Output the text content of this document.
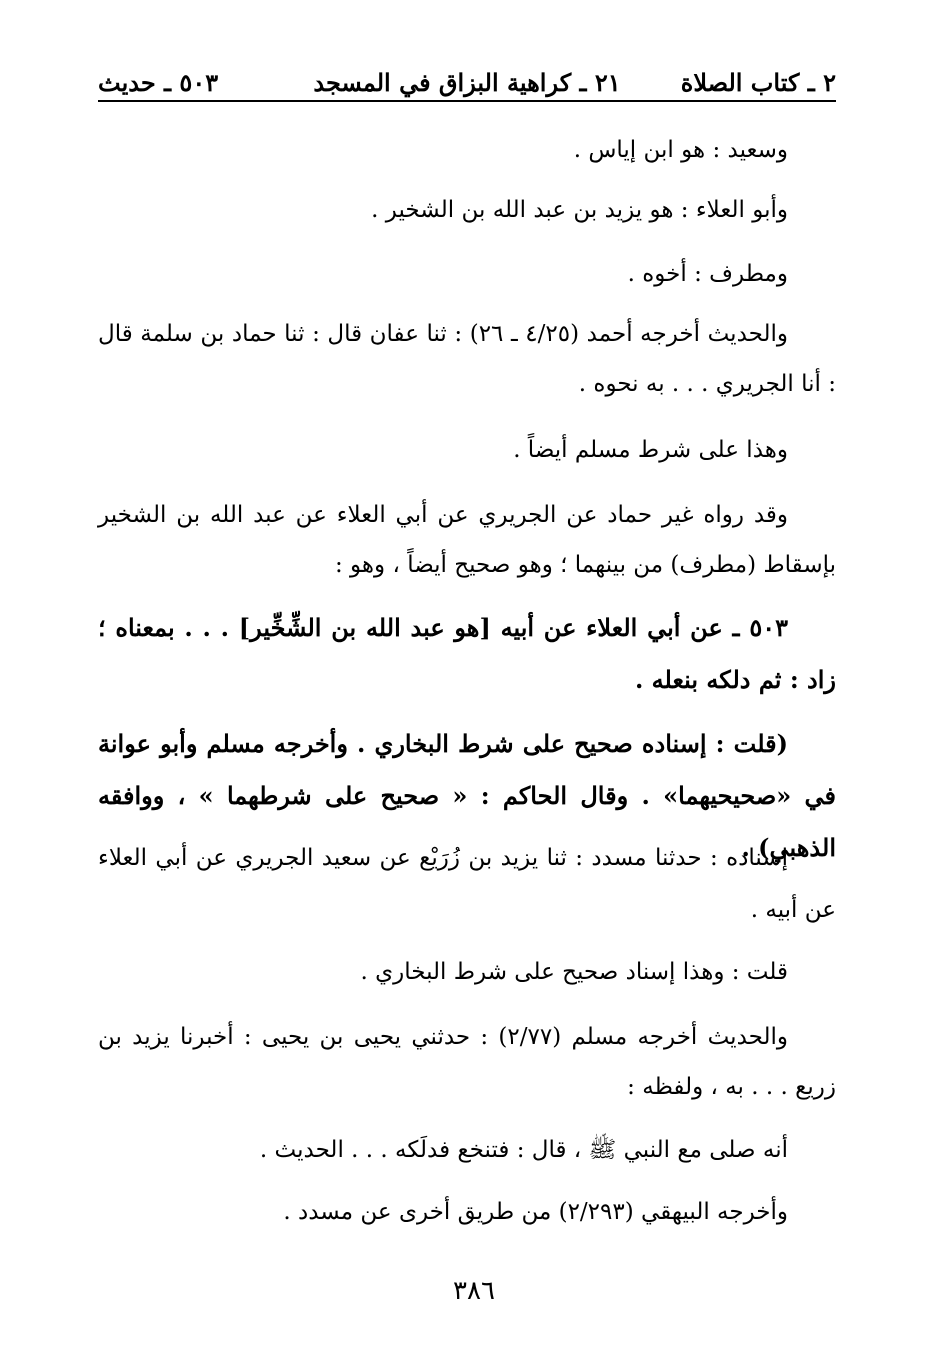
٢ ـ كتاب الصلاة
٢١ ـ كراهية البزاق في المسجد
٥٠٣ ـ حديث

وسعيد : هو ابن إياس .

وأبو العلاء : هو يزيد بن عبد الله بن الشخير .

ومطرف : أخوه .

والحديث أخرجه أحمد (٤/٢٥ ـ ٢٦) : ثنا عفان قال : ثنا حماد بن سلمة قال : أنا الجريري . . . به نحوه .

وهذا على شرط مسلم أيضاً .

وقد رواه غير حماد عن الجريري عن أبي العلاء عن عبد الله بن الشخير بإسقاط (مطرف) من بينهما ؛ وهو صحيح أيضاً ، وهو :

٥٠٣ ـ عن أبي العلاء عن أبيه [هو عبد الله بن الشِّخِّير] . . . بمعناه ؛ زاد : ثم دلكه بنعله .

(قلت : إسناده صحيح على شرط البخاري . وأخرجه مسلم وأبو عوانة في «صحيحيهما» . وقال الحاكم : « صحيح على شرطهما » ، ووافقه الذهبي) .

إسناده : حدثنا مسدد : ثنا يزيد بن زُرَيْع عن سعيد الجريري عن أبي العلاء عن أبيه .

قلت : وهذا إسناد صحيح على شرط البخاري .

والحديث أخرجه مسلم (٢/٧٧) : حدثني يحيى بن يحيى : أخبرنا يزيد بن زريع . . . به ، ولفظه :

أنه صلى مع النبي ﷺ ، قال : فتنخع فدلَكه . . . الحديث .

وأخرجه البيهقي (٢/٢٩٣) من طريق أخرى عن مسدد .

٣٨٦
